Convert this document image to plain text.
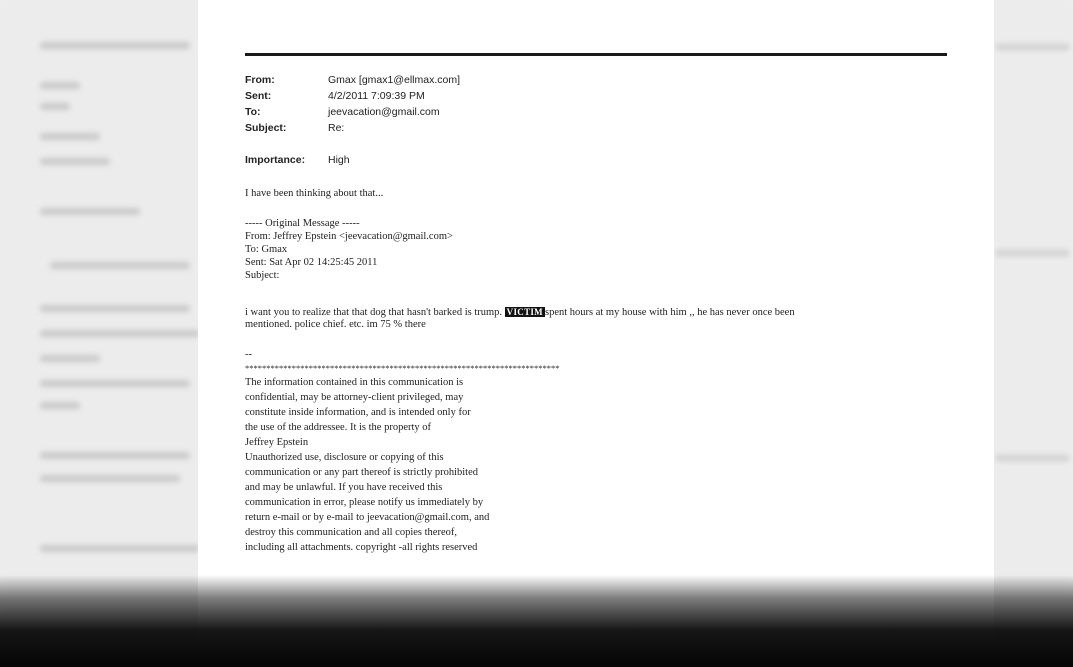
From:	Gmax [gmax1@ellmax.com]
Sent:	4/2/2011 7:09:39 PM
To:	jeevacation@gmail.com
Subject:	Re:
Importance:	High
I have been thinking about that...
----- Original Message -----
From: Jeffrey Epstein <jeevacation@gmail.com>
To: Gmax
Sent: Sat Apr 02 14:25:45 2011
Subject:
i want you to realize that that dog that hasn't barked is trump. VICTIM spent hours at my house with him ,, he has never once been
mentioned. police chief. etc. im 75 % there
--
**************************************************************************
The information contained in this communication is
confidential, may be attorney-client privileged, may
constitute inside information, and is intended only for
the use of the addressee. It is the property of
Jeffrey Epstein
Unauthorized use, disclosure or copying of this
communication or any part thereof is strictly prohibited
and may be unlawful. If you have received this
communication in error, please notify us immediately by
return e-mail or by e-mail to jeevacation@gmail.com, and
destroy this communication and all copies thereof,
including all attachments. copyright -all rights reserved
